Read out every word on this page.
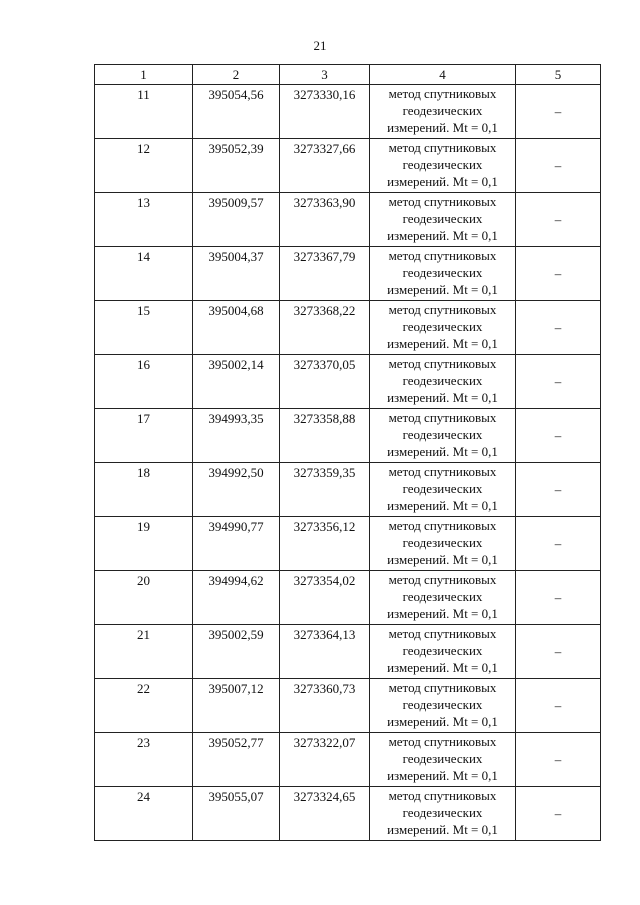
21
1	2	3	4	5
11	395054,56	3273330,16	метод спутниковых
геодезических
измерений. Mt = 0,1	–
12	395052,39	3273327,66	метод спутниковых
геодезических
измерений. Mt = 0,1	–
13	395009,57	3273363,90	метод спутниковых
геодезических
измерений. Mt = 0,1	–
14	395004,37	3273367,79	метод спутниковых
геодезических
измерений. Mt = 0,1	–
15	395004,68	3273368,22	метод спутниковых
геодезических
измерений. Mt = 0,1	–
16	395002,14	3273370,05	метод спутниковых
геодезических
измерений. Mt = 0,1	–
17	394993,35	3273358,88	метод спутниковых
геодезических
измерений. Mt = 0,1	–
18	394992,50	3273359,35	метод спутниковых
геодезических
измерений. Mt = 0,1	–
19	394990,77	3273356,12	метод спутниковых
геодезических
измерений. Mt = 0,1	–
20	394994,62	3273354,02	метод спутниковых
геодезических
измерений. Mt = 0,1	–
21	395002,59	3273364,13	метод спутниковых
геодезических
измерений. Mt = 0,1	–
22	395007,12	3273360,73	метод спутниковых
геодезических
измерений. Mt = 0,1	–
23	395052,77	3273322,07	метод спутниковых
геодезических
измерений. Mt = 0,1	–
24	395055,07	3273324,65	метод спутниковых
геодезических
измерений. Mt = 0,1	–
